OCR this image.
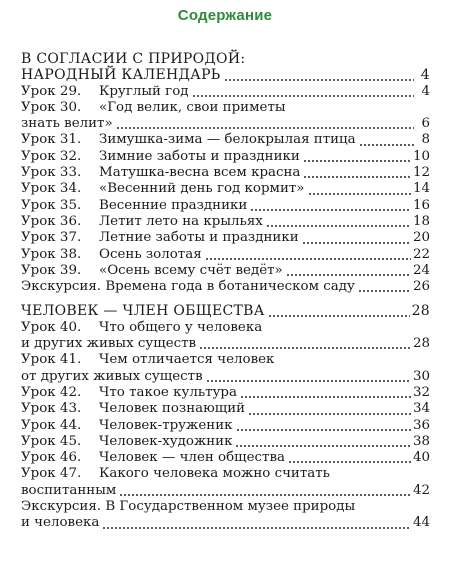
Содержание
В СОГЛАСИИ С ПРИРОДОЙ:
НАРОДНЫЙ КАЛЕНДАРЬ	4
Урок 29. Круглый год	4
Урок 30. «Год велик, свои приметы
знать велит»	6
Урок 31. Зимушка-зима — белокрылая птица	8
Урок 32. Зимние заботы и праздники	10
Урок 33. Матушка-весна всем красна	12
Урок 34. «Весенний день год кормит»	14
Урок 35. Весенние праздники	16
Урок 36. Летит лето на крыльях	18
Урок 37. Летние заботы и праздники	20
Урок 38. Осень золотая	22
Урок 39. «Осень всему счёт ведёт»	24
Экскурсия. Времена года в ботаническом саду	26
ЧЕЛОВЕК — ЧЛЕН ОБЩЕСТВА	28
Урок 40. Что общего у человека
и других живых существ	28
Урок 41. Чем отличается человек
от других живых существ	30
Урок 42. Что такое культура	32
Урок 43. Человек познающий	34
Урок 44. Человек-труженик	36
Урок 45. Человек-художник	38
Урок 46. Человек — член общества	40
Урок 47. Какого человека можно считать
воспитанным	42
Экскурсия. В Государственном музее природы
и человека	44
